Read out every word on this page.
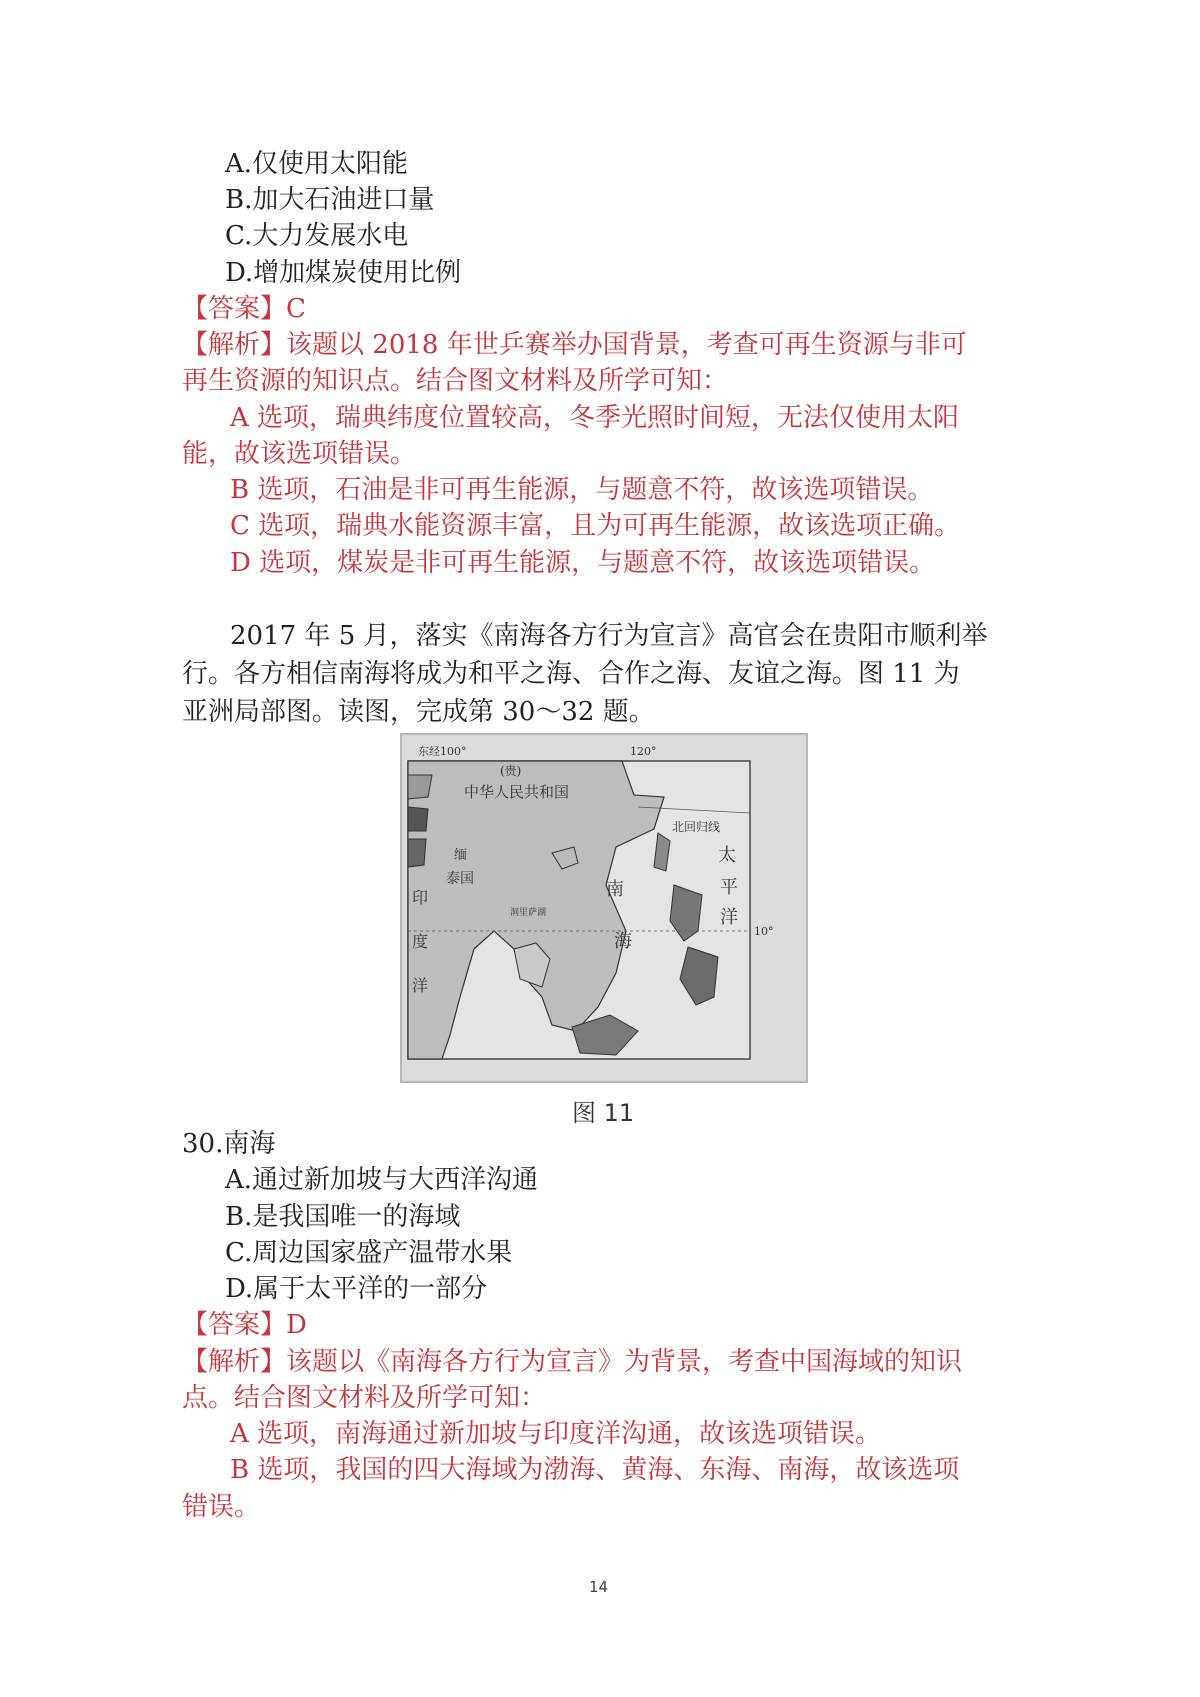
A.仅使用太阳能
B.加大石油进口量
C.大力发展水电
D.增加煤炭使用比例
【答案】C
【解析】该题以 2018 年世乒赛举办国背景，考查可再生资源与非可
再生资源的知识点。结合图文材料及所学可知：
A 选项，瑞典纬度位置较高，冬季光照时间短，无法仅使用太阳
能，故该选项错误。
B 选项，石油是非可再生能源，与题意不符，故该选项错误。
C 选项，瑞典水能资源丰富，且为可再生能源，故该选项正确。
D 选项，煤炭是非可再生能源，与题意不符，故该选项错误。
2017 年 5 月，落实《南海各方行为宣言》高官会在贵阳市顺利举
行。各方相信南海将成为和平之海、合作之海、友谊之海。图 11 为
亚洲局部图。读图，完成第 30～32 题。
东经100°	120°
10°
(贵)
中华人民共和国
北回归线
太
平
洋
泰国
缅
洞里萨湖
南
海
印
度
洋
图 11
30.南海
A.通过新加坡与大西洋沟通
B.是我国唯一的海域
C.周边国家盛产温带水果
D.属于太平洋的一部分
【答案】D
【解析】该题以《南海各方行为宣言》为背景，考查中国海域的知识
点。结合图文材料及所学可知：
A 选项，南海通过新加坡与印度洋沟通，故该选项错误。
B 选项，我国的四大海域为渤海、黄海、东海、南海，故该选项
错误。
14
